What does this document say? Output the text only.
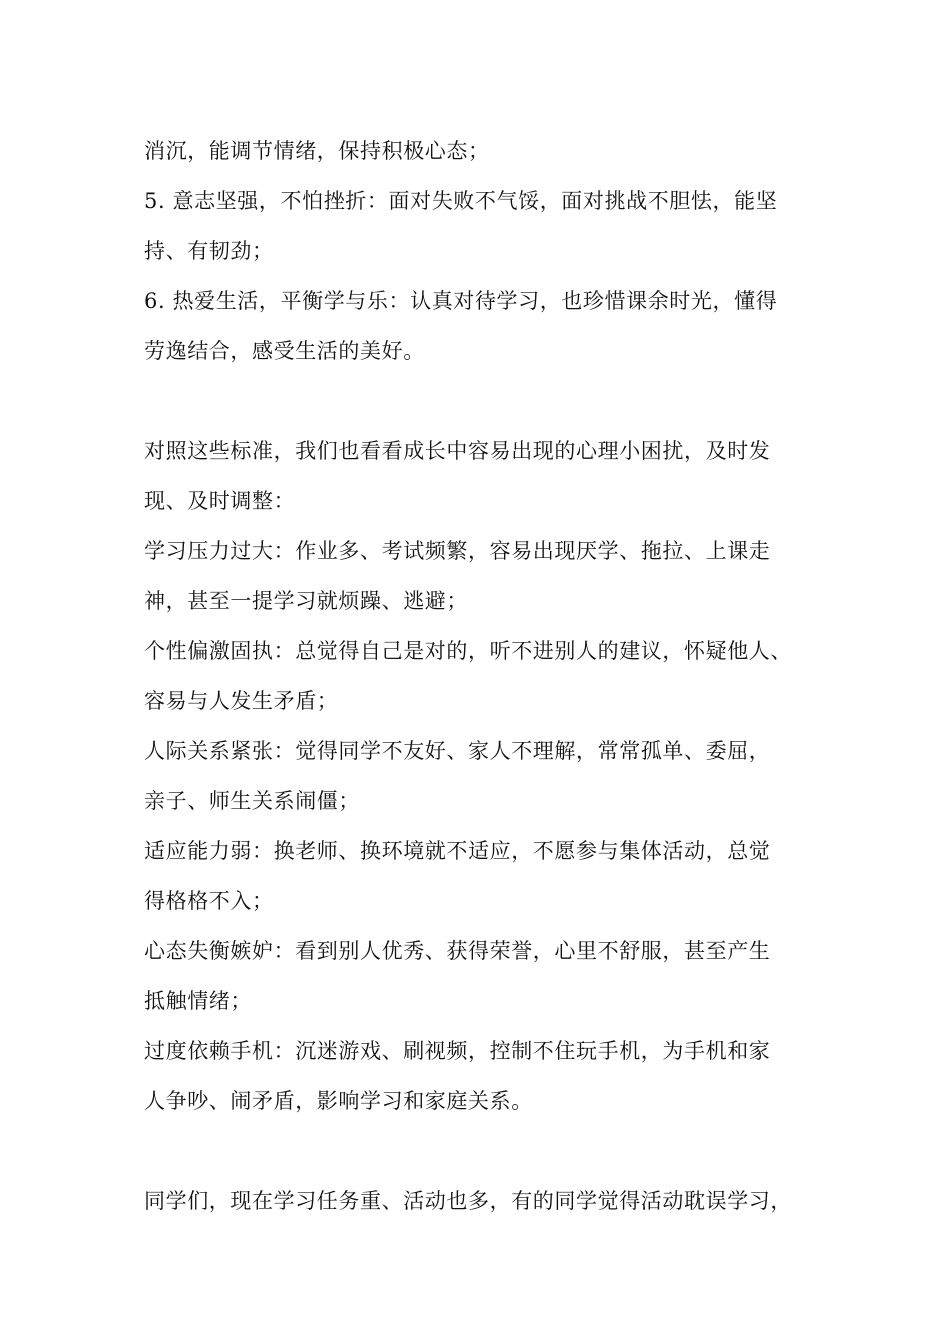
消沉，能调节情绪，保持积极心态；
5. 意志坚强，不怕挫折：面对失败不气馁，面对挑战不胆怯，能坚
持、有韧劲；
6. 热爱生活，平衡学与乐：认真对待学习，也珍惜课余时光，懂得
劳逸结合，感受生活的美好。
对照这些标准，我们也看看成长中容易出现的心理小困扰，及时发
现、及时调整：
学习压力过大：作业多、考试频繁，容易出现厌学、拖拉、上课走
神，甚至一提学习就烦躁、逃避；
个性偏激固执：总觉得自己是对的，听不进别人的建议，怀疑他人、
容易与人发生矛盾；
人际关系紧张：觉得同学不友好、家人不理解，常常孤单、委屈，
亲子、师生关系闹僵；
适应能力弱：换老师、换环境就不适应，不愿参与集体活动，总觉
得格格不入；
心态失衡嫉妒：看到别人优秀、获得荣誉，心里不舒服，甚至产生
抵触情绪；
过度依赖手机：沉迷游戏、刷视频，控制不住玩手机，为手机和家
人争吵、闹矛盾，影响学习和家庭关系。
同学们，现在学习任务重、活动也多，有的同学觉得活动耽误学习，
